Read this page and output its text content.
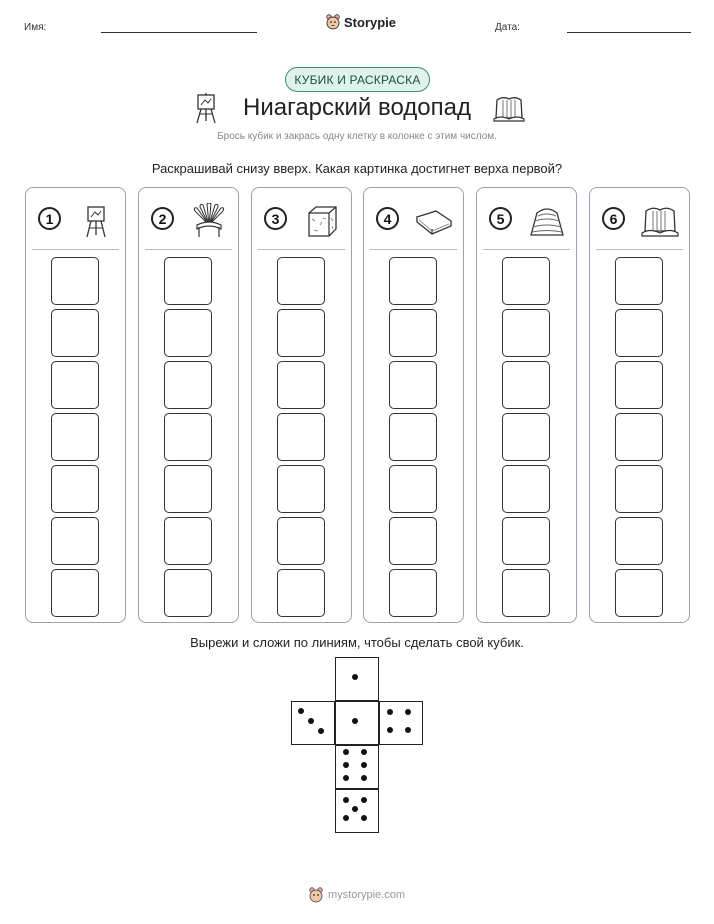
Имя:	Storypie	Дата:
КУБИК И РАСКРАСКА
Ниагарский водопад
Брось кубик и закрась одну клетку в колонке с этим числом.
Раскрашивай снизу вверх. Какая картинка достигнет верха первой?
1	2	3	4	5	6
Вырежи и сложи по линиям, чтобы сделать свой кубик.
mystorypie.com
